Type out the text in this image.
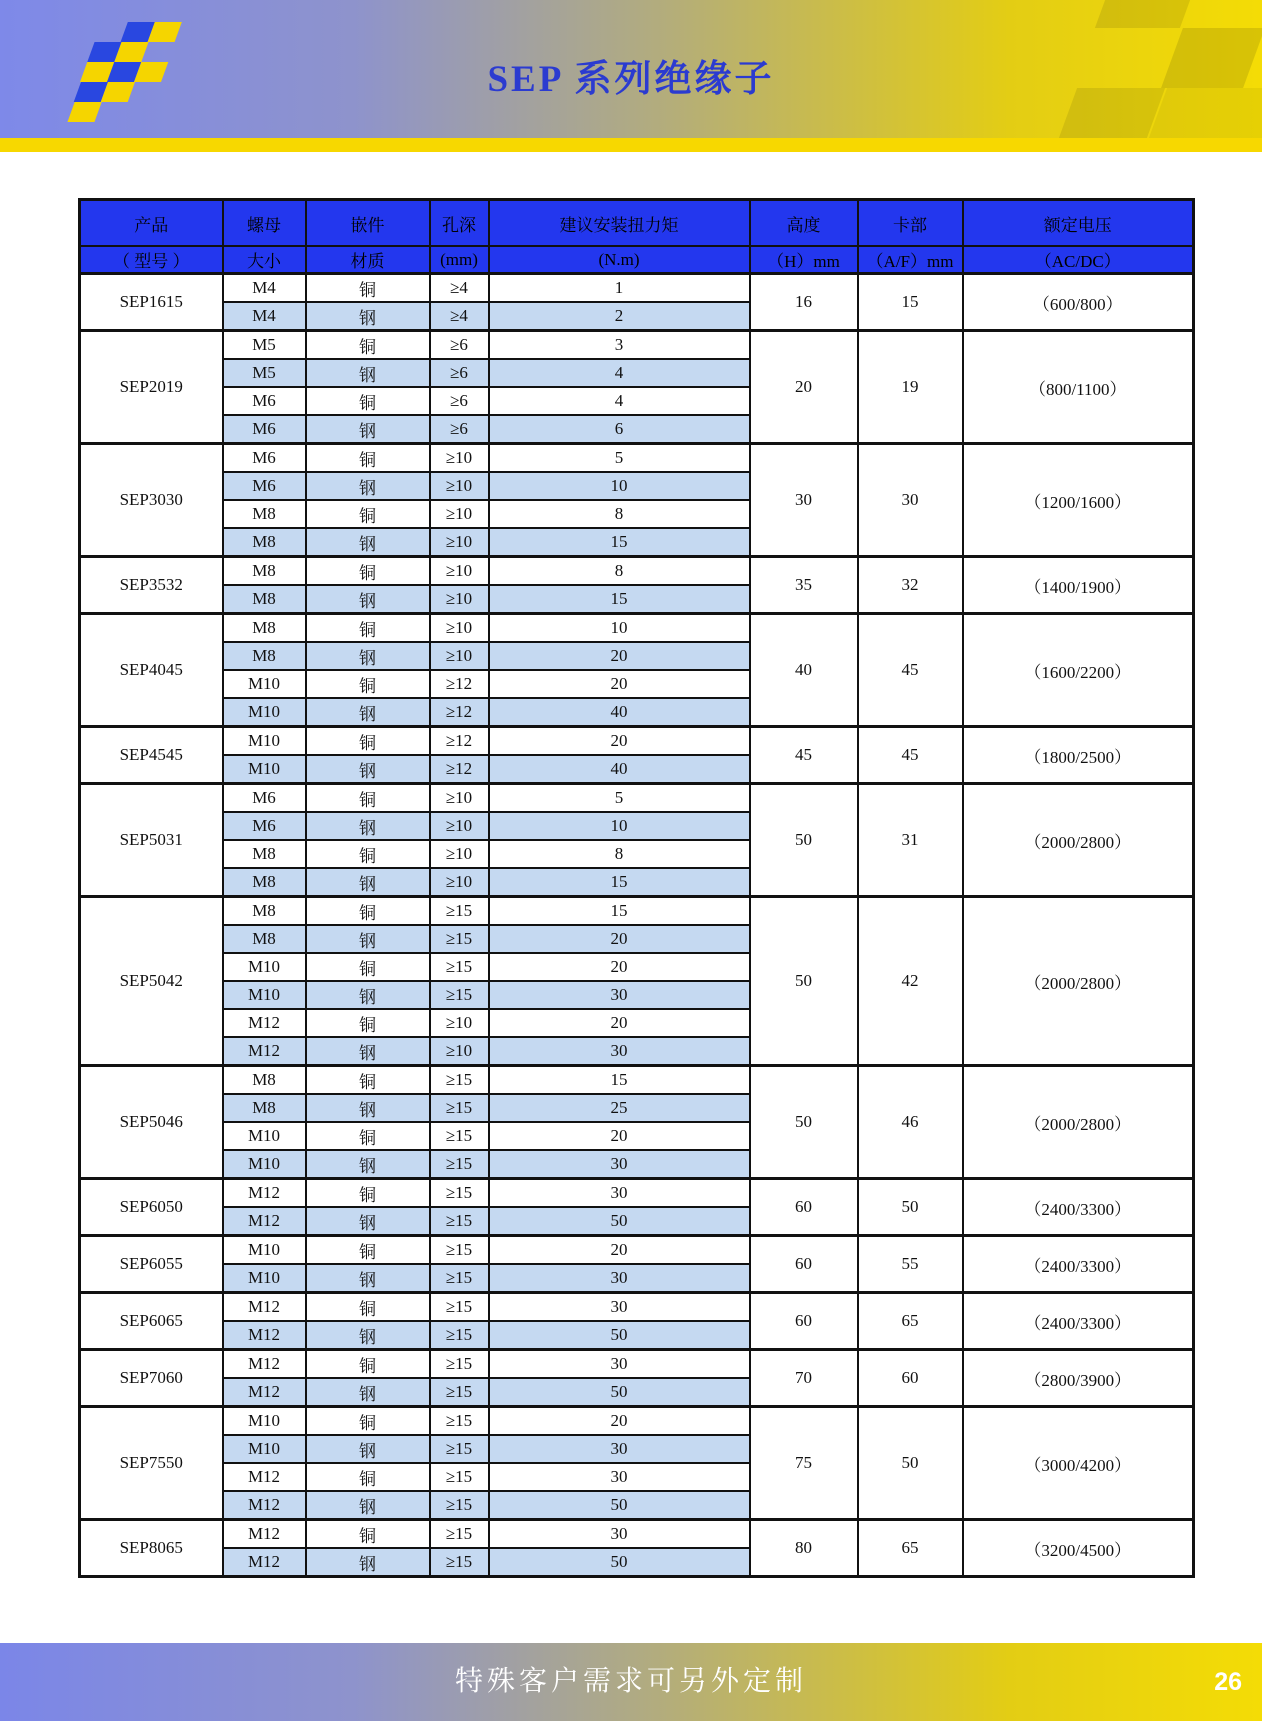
SEP 系列绝缘子
产品	螺母	嵌件	孔深	建议安装扭力矩	高度	卡部	额定电压
（ 型号 ）	大小	材质	(mm)	(N.m)	（H）mm	（A/F）mm	（AC/DC）
SEP1615	M4	铜	≥4	1	16	15	（600/800）
	M4	钢	≥4	2			
SEP2019	M5	铜	≥6	3	20	19	（800/1100）
	M5	钢	≥6	4			
	M6	铜	≥6	4			
	M6	钢	≥6	6			
SEP3030	M6	铜	≥10	5	30	30	（1200/1600）
	M6	钢	≥10	10			
	M8	铜	≥10	8			
	M8	钢	≥10	15			
SEP3532	M8	铜	≥10	8	35	32	（1400/1900）
	M8	钢	≥10	15			
SEP4045	M8	铜	≥10	10	40	45	（1600/2200）
	M8	钢	≥10	20			
	M10	铜	≥12	20			
	M10	钢	≥12	40			
SEP4545	M10	铜	≥12	20	45	45	（1800/2500）
	M10	钢	≥12	40			
SEP5031	M6	铜	≥10	5	50	31	（2000/2800）
	M6	钢	≥10	10			
	M8	铜	≥10	8			
	M8	钢	≥10	15			
SEP5042	M8	铜	≥15	15	50	42	（2000/2800）
	M8	钢	≥15	20			
	M10	铜	≥15	20			
	M10	钢	≥15	30			
	M12	铜	≥10	20			
	M12	钢	≥10	30			
SEP5046	M8	铜	≥15	15	50	46	（2000/2800）
	M8	钢	≥15	25			
	M10	铜	≥15	20			
	M10	钢	≥15	30			
SEP6050	M12	铜	≥15	30	60	50	（2400/3300）
	M12	钢	≥15	50			
SEP6055	M10	铜	≥15	20	60	55	（2400/3300）
	M10	钢	≥15	30			
SEP6065	M12	铜	≥15	30	60	65	（2400/3300）
	M12	钢	≥15	50			
SEP7060	M12	铜	≥15	30	70	60	（2800/3900）
	M12	钢	≥15	50			
SEP7550	M10	铜	≥15	20	75	50	（3000/4200）
	M10	钢	≥15	30			
	M12	铜	≥15	30			
	M12	钢	≥15	50			
SEP8065	M12	铜	≥15	30	80	65	（3200/4500）
	M12	钢	≥15	50			
特殊客户需求可另外定制	26
